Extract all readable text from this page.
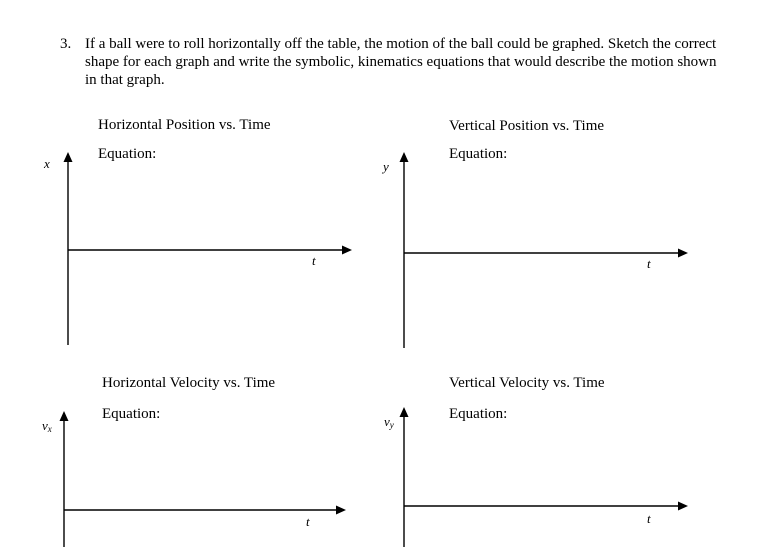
3. If a ball were to roll horizontally off the table, the motion of the ball could be graphed. Sketch the correct shape for each graph and write the symbolic, kinematics equations that would describe the motion shown in that graph.
Horizontal Position vs. Time
Equation:
Vertical Position vs. Time
Equation:
Horizontal Velocity vs. Time
Equation:
Vertical Velocity vs. Time
Equation:
x
t
y
t
vx
t
vy
t
